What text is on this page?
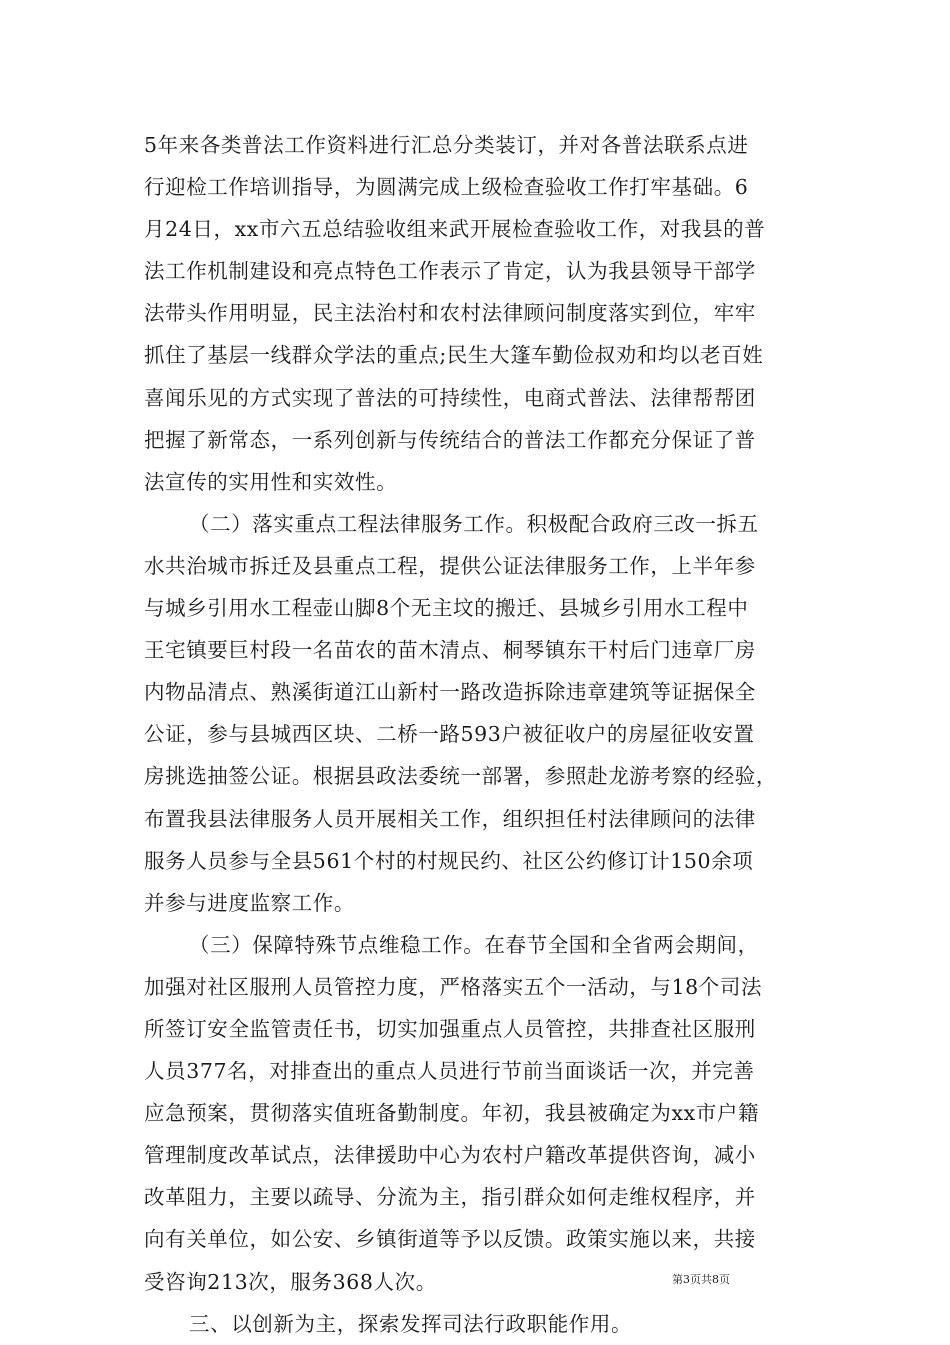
5年来各类普法工作资料进行汇总分类装订，并对各普法联系点进
行迎检工作培训指导，为圆满完成上级检查验收工作打牢基础。6
月24日，xx市六五总结验收组来武开展检查验收工作，对我县的普
法工作机制建设和亮点特色工作表示了肯定，认为我县领导干部学
法带头作用明显，民主法治村和农村法律顾问制度落实到位，牢牢
抓住了基层一线群众学法的重点;民生大篷车勤俭叔劝和均以老百姓
喜闻乐见的方式实现了普法的可持续性，电商式普法、法律帮帮团
把握了新常态，一系列创新与传统结合的普法工作都充分保证了普
法宣传的实用性和实效性。
（二）落实重点工程法律服务工作。积极配合政府三改一拆五
水共治城市拆迁及县重点工程，提供公证法律服务工作，上半年参
与城乡引用水工程壶山脚8个无主坟的搬迁、县城乡引用水工程中
王宅镇要巨村段一名苗农的苗木清点、桐琴镇东干村后门违章厂房
内物品清点、熟溪街道江山新村一路改造拆除违章建筑等证据保全
公证，参与县城西区块、二桥一路593户被征收户的房屋征收安置
房挑选抽签公证。根据县政法委统一部署，参照赴龙游考察的经验，
布置我县法律服务人员开展相关工作，组织担任村法律顾问的法律
服务人员参与全县561个村的村规民约、社区公约修订计150余项
并参与进度监察工作。
（三）保障特殊节点维稳工作。在春节全国和全省两会期间，
加强对社区服刑人员管控力度，严格落实五个一活动，与18个司法
所签订安全监管责任书，切实加强重点人员管控，共排查社区服刑
人员377名，对排查出的重点人员进行节前当面谈话一次，并完善
应急预案，贯彻落实值班备勤制度。年初，我县被确定为xx市户籍
管理制度改革试点，法律援助中心为农村户籍改革提供咨询，减小
改革阻力，主要以疏导、分流为主，指引群众如何走维权程序，并
向有关单位，如公安、乡镇街道等予以反馈。政策实施以来，共接
受咨询213次，服务368人次。
三、以创新为主，探索发挥司法行政职能作用。
第3页共8页
